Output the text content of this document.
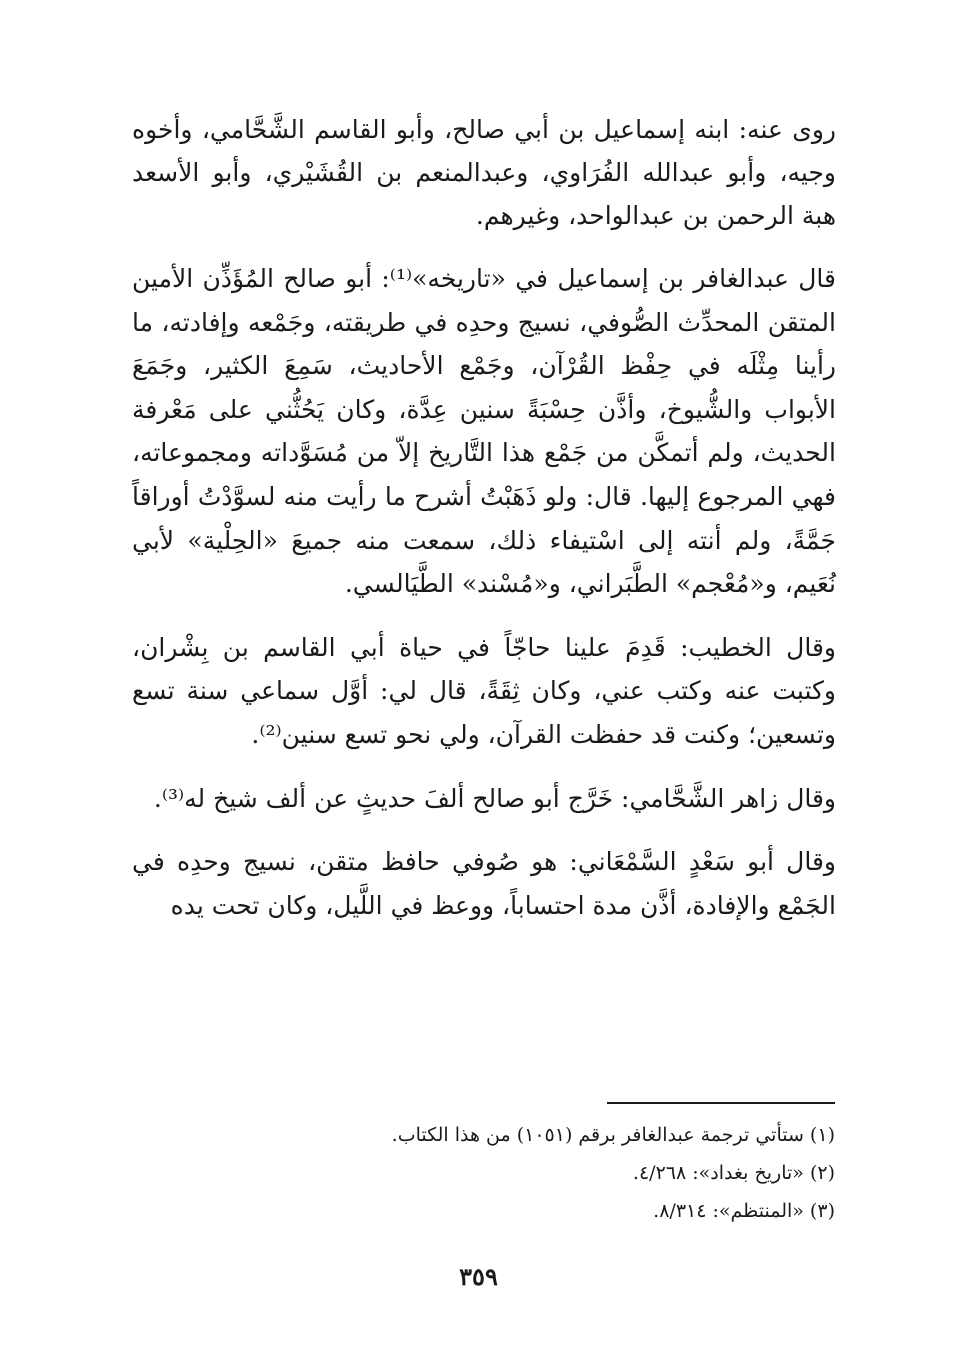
روى عنه: ابنه إسماعيل بن أبي صالح، وأبو القاسم الشَّحَّامي، وأخوه وجيه، وأبو عبدالله الفُرَاوي، وعبدالمنعم بن القُشَيْري، وأبو الأسعد هبة الرحمن بن عبدالواحد، وغيرهم.

قال عبدالغافر بن إسماعيل في «تاريخه»⁽¹⁾: أبو صالح المُؤَذِّن الأمين المتقن المحدِّث الصُّوفي، نسيج وحدِه في طريقته، وجَمْعه وإفادته، ما رأينا مِثْلَه في حِفْظ القُرْآن، وجَمْع الأحاديث، سَمِعَ الكثير، وجَمَعَ الأبواب والشُّيوخ، وأذَّن حِسْبَةً سنين عِدَّة، وكان يَحُثُّني على مَعْرفة الحديث، ولم أتمكَّن من جَمْع هذا التَّاريخ إلاّ من مُسَوَّداته ومجموعاته، فهي المرجوع إليها. قال: ولو ذَهَبْتُ أشرح ما رأيت منه لسوَّدْتُ أوراقاً جَمَّةً، ولم أنته إلى اسْتيفاء ذلك، سمعت منه جميعَ «الحِلْية» لأبي نُعَيم، و«مُعْجم» الطَّبَراني، و«مُسْند» الطَّيَالسي.

وقال الخطيب: قَدِمَ علينا حاجّاً في حياة أبي القاسم بن بِشْران، وكتبت عنه وكتب عني، وكان ثِقَةً، قال لي: أوَّل سماعي سنة تسع وتسعين؛ وكنت قد حفظت القرآن، ولي نحو تسع سنين⁽²⁾.

وقال زاهر الشَّحَّامي: خَرَّج أبو صالح ألفَ حديثٍ عن ألف شيخ له⁽³⁾.

وقال أبو سَعْدٍ السَّمْعَاني: هو صُوفي حافظ متقن، نسيج وحدِه في الجَمْع والإفادة، أذَّن مدة احتساباً، ووعظ في اللَّيل، وكان تحت يده

(١) ستأتي ترجمة عبدالغافر برقم (١٠٥١) من هذا الكتاب.

(٢) «تاريخ بغداد»: ٤/٢٦٨.

(٣) «المنتظم»: ٨/٣١٤.

٣٥٩
